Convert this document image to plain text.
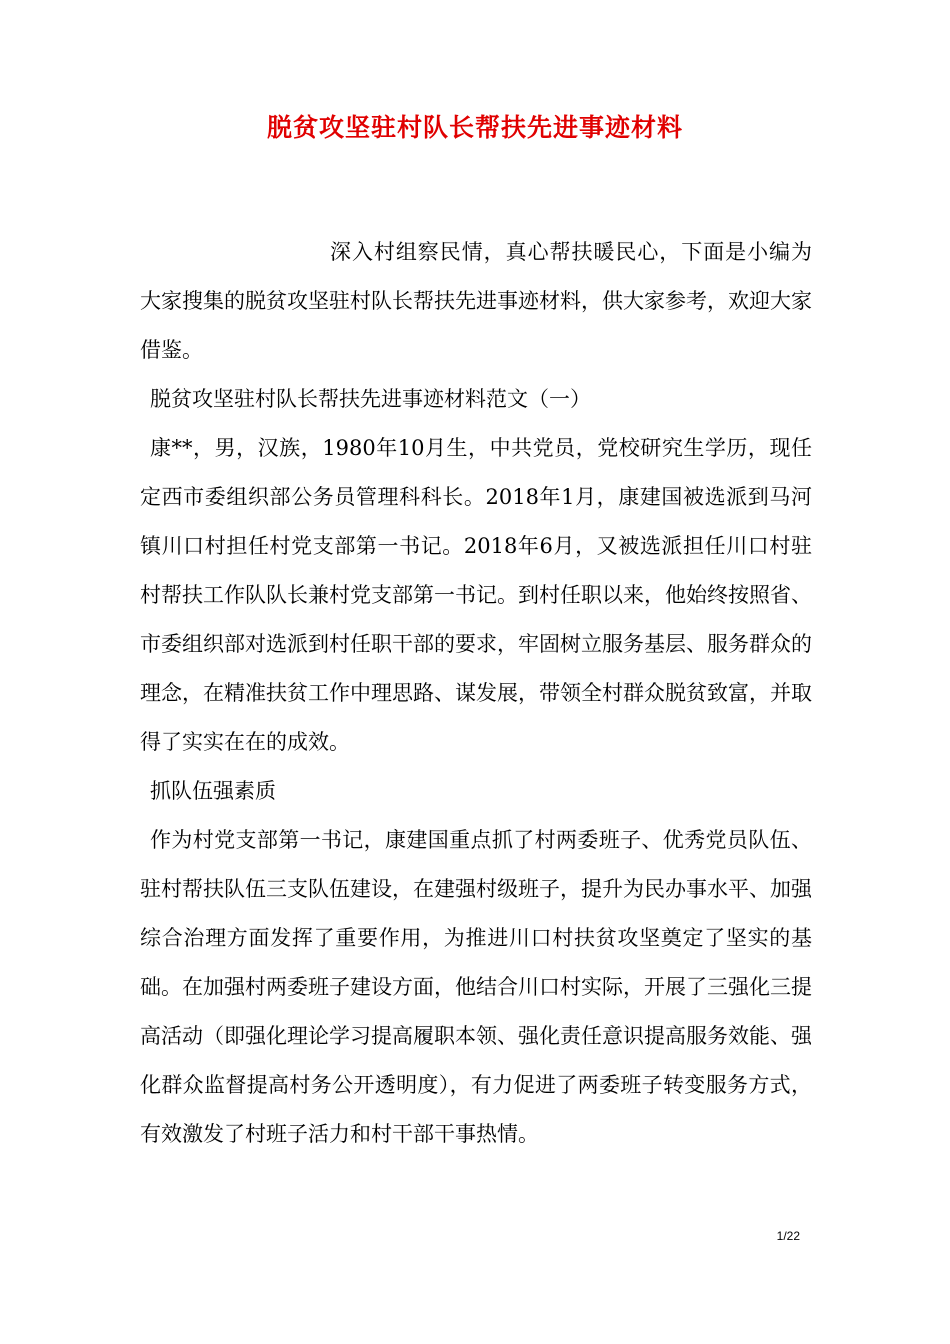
脱贫攻坚驻村队长帮扶先进事迹材料

深入村组察民情，真心帮扶暖民心，下面是小编为大家搜集的脱贫攻坚驻村队长帮扶先进事迹材料，供大家参考，欢迎大家借鉴。

脱贫攻坚驻村队长帮扶先进事迹材料范文（一）

康**，男，汉族，1980年10月生，中共党员，党校研究生学历，现任定西市委组织部公务员管理科科长。2018年1月，康建国被选派到马河镇川口村担任村党支部第一书记。2018年6月，又被选派担任川口村驻村帮扶工作队队长兼村党支部第一书记。到村任职以来，他始终按照省、市委组织部对选派到村任职干部的要求，牢固树立服务基层、服务群众的理念，在精准扶贫工作中理思路、谋发展，带领全村群众脱贫致富，并取得了实实在在的成效。

抓队伍强素质

作为村党支部第一书记，康建国重点抓了村两委班子、优秀党员队伍、驻村帮扶队伍三支队伍建设，在建强村级班子，提升为民办事水平、加强综合治理方面发挥了重要作用，为推进川口村扶贫攻坚奠定了坚实的基础。在加强村两委班子建设方面，他结合川口村实际，开展了三强化三提高活动（即强化理论学习提高履职本领、强化责任意识提高服务效能、强化群众监督提高村务公开透明度），有力促进了两委班子转变服务方式，有效激发了村班子活力和村干部干事热情。

1/22
